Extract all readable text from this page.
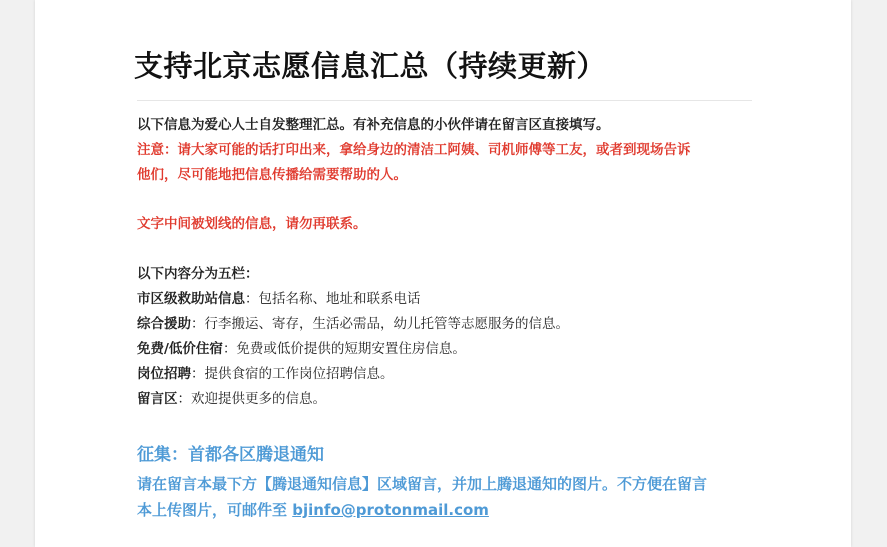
支持北京志愿信息汇总（持续更新）
以下信息为爱心人士自发整理汇总。有补充信息的小伙伴请在留言区直接填写。
注意：请大家可能的话打印出来，拿给身边的清洁工阿姨、司机师傅等工友，或者到现场告诉
他们，尽可能地把信息传播给需要帮助的人。
文字中间被划线的信息，请勿再联系。
以下内容分为五栏：
市区级救助站信息：包括名称、地址和联系电话
综合援助：行李搬运、寄存，生活必需品，幼儿托管等志愿服务的信息。
免费/低价住宿：免费或低价提供的短期安置住房信息。
岗位招聘：提供食宿的工作岗位招聘信息。
留言区：欢迎提供更多的信息。
征集：首都各区腾退通知
请在留言本最下方【腾退通知信息】区域留言，并加上腾退通知的图片。不方便在留言
本上传图片，可邮件至 bjinfo@protonmail.com
